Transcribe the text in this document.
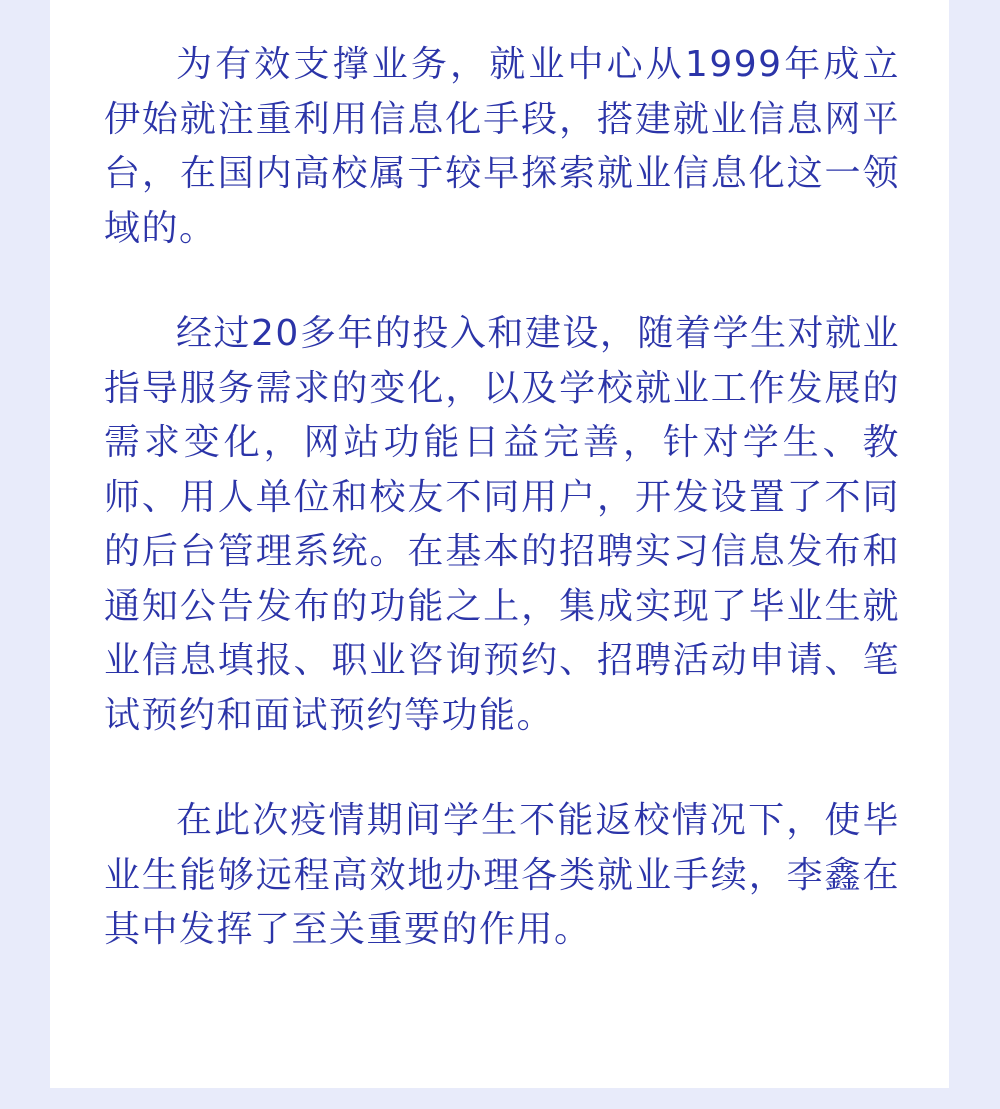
为有效支撑业务，就业中心从1999年成立伊始就注重利用信息化手段，搭建就业信息网平台，在国内高校属于较早探索就业信息化这一领域的。

经过20多年的投入和建设，随着学生对就业指导服务需求的变化，以及学校就业工作发展的需求变化，网站功能日益完善，针对学生、教师、用人单位和校友不同用户，开发设置了不同的后台管理系统。在基本的招聘实习信息发布和通知公告发布的功能之上，集成实现了毕业生就业信息填报、职业咨询预约、招聘活动申请、笔试预约和面试预约等功能。

在此次疫情期间学生不能返校情况下，使毕业生能够远程高效地办理各类就业手续，李鑫在其中发挥了至关重要的作用。
